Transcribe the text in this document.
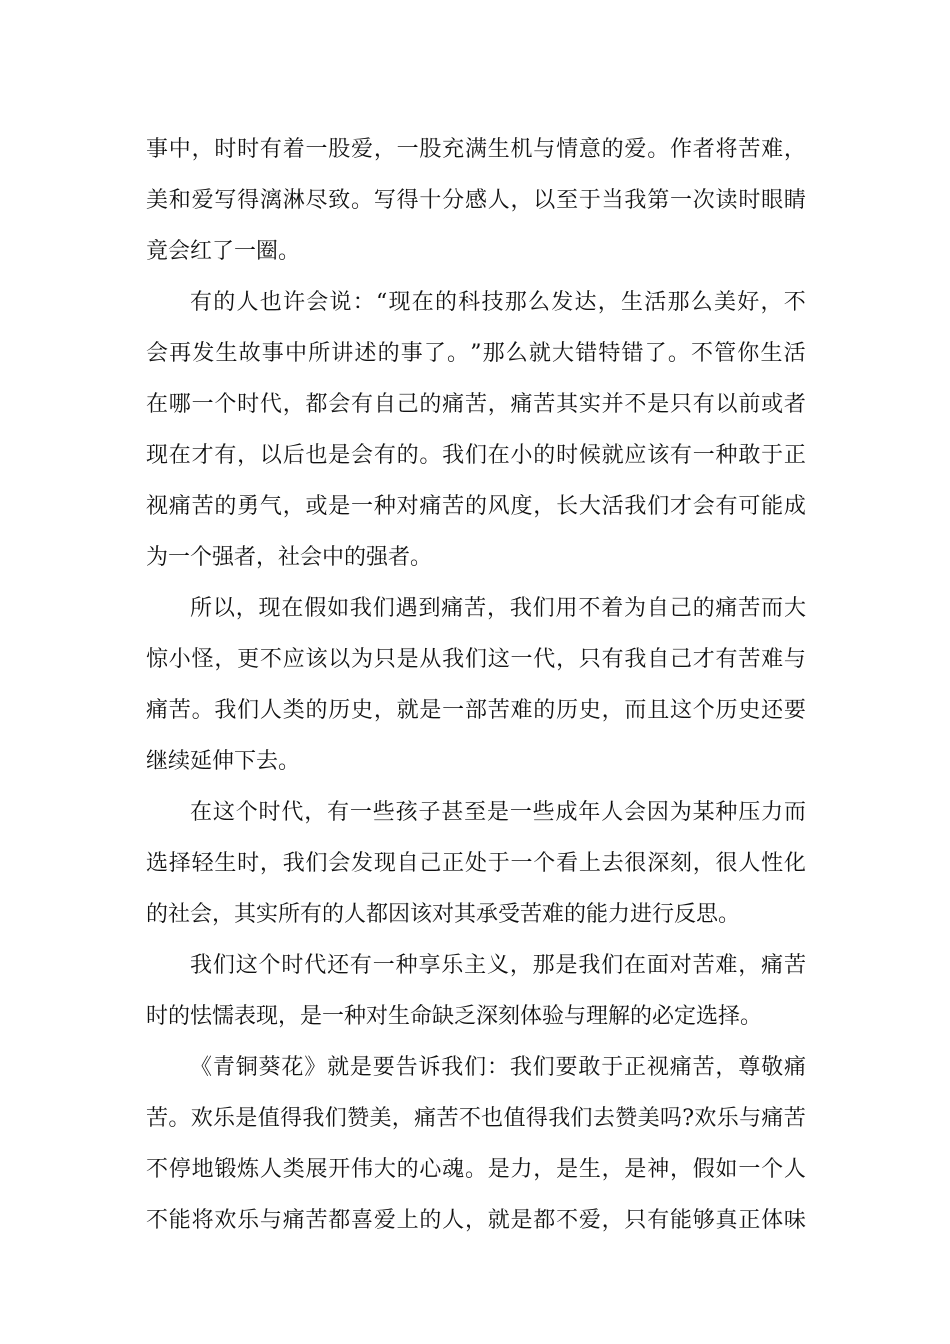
事 中 ， 时 时 有 着 一 股 爱 ， 一 股 充 满 生 机 与 情 意 的 爱 。 作 者 将 苦 难 ，
美 和 爱 写 得 漓 淋 尽 致 。 写 得 十 分 感 人 ， 以 至 于 当 我 第 一 次 读 时 眼 睛
竟会红了一圈。
有 的 人 也 许 会 说 ： “ 现 在 的 科 技 那 么 发 达 ， 生 活 那 么 美 好 ， 不
会 再 发 生 故 事 中 所 讲 述 的 事 了 。 ” 那 么 就 大 错 特 错 了 。 不 管 你 生 活
在 哪 一 个 时 代 ， 都 会 有 自 己 的 痛 苦 ， 痛 苦 其 实 并 不 是 只 有 以 前 或 者
现 在 才 有 ， 以 后 也 是 会 有 的 。 我 们 在 小 的 时 候 就 应 该 有 一 种 敢 于 正
视 痛 苦 的 勇 气 ， 或 是 一 种 对 痛 苦 的 风 度 ， 长 大 活 我 们 才 会 有 可 能 成
为一个强者，社会中的强者。
所 以 ， 现 在 假 如 我 们 遇 到 痛 苦 ， 我 们 用 不 着 为 自 己 的 痛 苦 而 大
惊 小 怪 ， 更 不 应 该 以 为 只 是 从 我 们 这 一 代 ， 只 有 我 自 己 才 有 苦 难 与
痛 苦 。 我 们 人 类 的 历 史 ， 就 是 一 部 苦 难 的 历 史 ， 而 且 这 个 历 史 还 要
继续延伸下去。
在 这 个 时 代 ， 有 一 些 孩 子 甚 至 是 一 些 成 年 人 会 因 为 某 种 压 力 而
选 择 轻 生 时 ， 我 们 会 发 现 自 己 正 处 于 一 个 看 上 去 很 深 刻 ， 很 人 性 化
的社会，其实所有的人都因该对其承受苦难的能力进行反思。
我 们 这 个 时 代 还 有 一 种 享 乐 主 义 ， 那 是 我 们 在 面 对 苦 难 ， 痛 苦
时的怯懦表现，是一种对生命缺乏深刻体验与理解的必定选择。
《 青 铜 葵 花 》 就 是 要 告 诉 我 们 ： 我 们 要 敢 于 正 视 痛 苦 ， 尊 敬 痛
苦 。 欢 乐 是 值 得 我 们 赞 美 ， 痛 苦 不 也 值 得 我 们 去 赞 美 吗 ? 欢 乐 与 痛 苦
不 停 地 锻 炼 人 类 展 开 伟 大 的 心 魂 。 是 力 ， 是 生 ， 是 神 ， 假 如 一 个 人
不 能 将 欢 乐 与 痛 苦 都 喜 爱 上 的 人 ， 就 是 都 不 爱 ， 只 有 能 够 真 正 体 味
